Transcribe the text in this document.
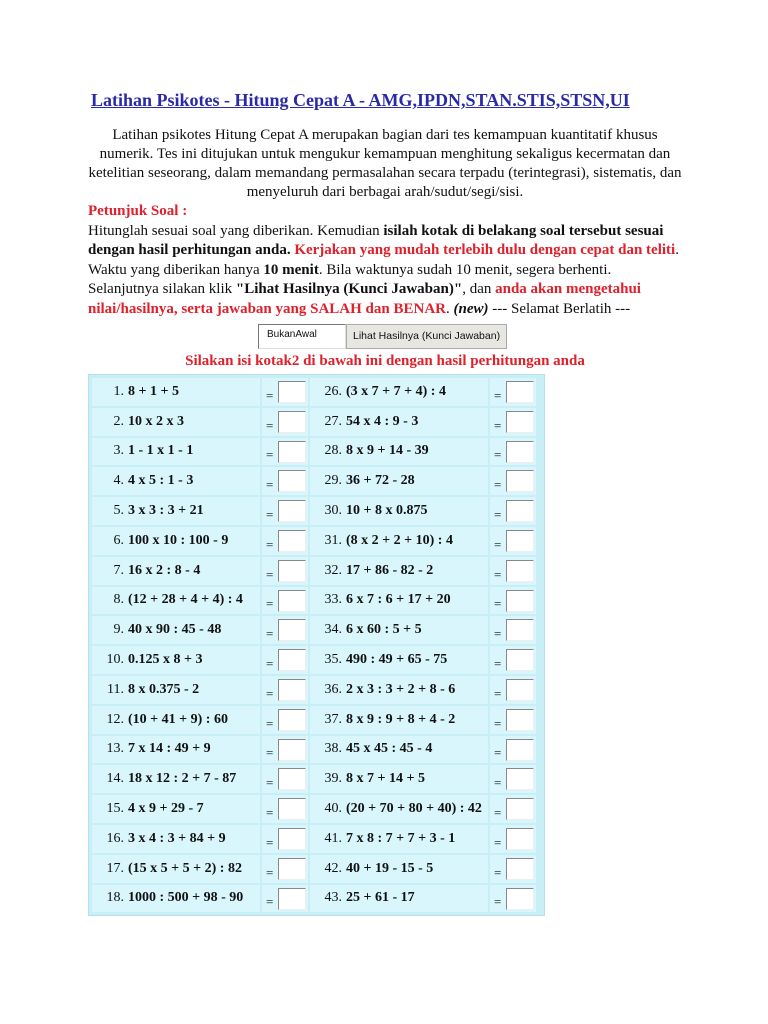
Latihan Psikotes - Hitung Cepat A - AMG,IPDN,STAN.STIS,STSN,UI
Latihan psikotes Hitung Cepat A merupakan bagian dari tes kemampuan kuantitatif khusus numerik. Tes ini ditujukan untuk mengukur kemampuan menghitung sekaligus kecermatan dan ketelitian seseorang, dalam memandang permasalahan secara terpadu (terintegrasi), sistematis, dan menyeluruh dari berbagai arah/sudut/segi/sisi.
Petunjuk Soal :
Hitunglah sesuai soal yang diberikan. Kemudian isilah kotak di belakang soal tersebut sesuai dengan hasil perhitungan anda. Kerjakan yang mudah terlebih dulu dengan cepat dan teliti. Waktu yang diberikan hanya 10 menit. Bila waktunya sudah 10 menit, segera berhenti. Selanjutnya silakan klik "Lihat Hasilnya (Kunci Jawaban)", dan anda akan mengetahui nilai/hasilnya, serta jawaban yang SALAH dan BENAR. (new) --- Selamat Berlatih ---
BukanAwal	Lihat Hasilnya (Kunci Jawaban)
Silakan isi kotak2 di bawah ini dengan hasil perhitungan anda
1. 8 + 1 + 5	=	26. (3 x 7 + 7 + 4) : 4	=
2. 10 x 2 x 3	=	27. 54 x 4 : 9 - 3	=
3. 1 - 1 x 1 - 1	=	28. 8 x 9 + 14 - 39	=
4. 4 x 5 : 1 - 3	=	29. 36 + 72 - 28	=
5. 3 x 3 : 3 + 21	=	30. 10 + 8 x 0.875	=
6. 100 x 10 : 100 - 9	=	31. (8 x 2 + 2 + 10) : 4	=
7. 16 x 2 : 8 - 4	=	32. 17 + 86 - 82 - 2	=
8. (12 + 28 + 4 + 4) : 4 =	33. 6 x 7 : 6 + 17 + 20	=
9. 40 x 90 : 45 - 48	=	34. 6 x 60 : 5 + 5	=
10. 0.125 x 8 + 3	=	35. 490 : 49 + 65 - 75	=
11. 8 x 0.375 - 2	=	36. 2 x 3 : 3 + 2 + 8 - 6	=
12. (10 + 41 + 9) : 60	=	37. 8 x 9 : 9 + 8 + 4 - 2	=
13. 7 x 14 : 49 + 9	=	38. 45 x 45 : 45 - 4	=
14. 18 x 12 : 2 + 7 - 87 =	39. 8 x 7 + 14 + 5	=
15. 4 x 9 + 29 - 7	=	40. (20 + 70 + 80 + 40) : 42 =
16. 3 x 4 : 3 + 84 + 9	=	41. 7 x 8 : 7 + 7 + 3 - 1	=
17. (15 x 5 + 5 + 2) : 82 =	42. 40 + 19 - 15 - 5	=
18. 1000 : 500 + 98 - 90 =	43. 25 + 61 - 17	=
